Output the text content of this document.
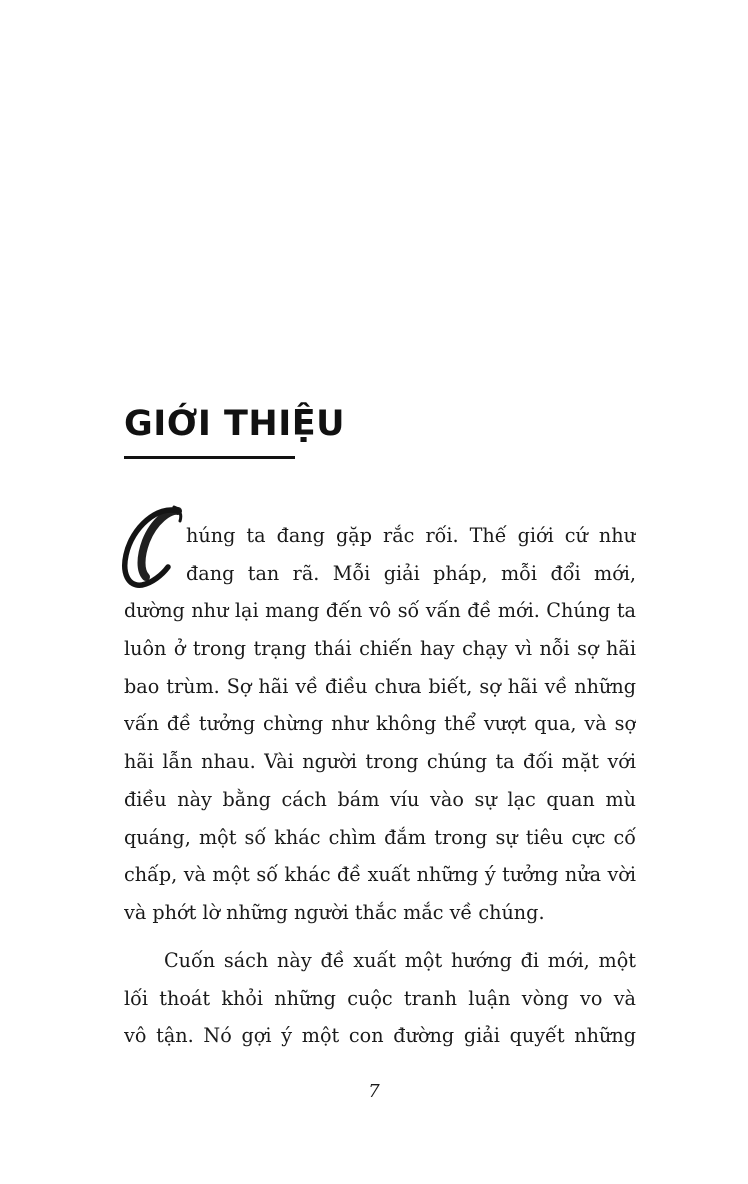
GIỚI THIỆU
húng ta đang gặp rắc rối. Thế giới cứ như
đang tan rã. Mỗi giải pháp, mỗi đổi mới,
dường như lại mang đến vô số vấn đề mới. Chúng ta
luôn ở trong trạng thái chiến hay chạy vì nỗi sợ hãi
bao trùm. Sợ hãi về điều chưa biết, sợ hãi về những
vấn đề tưởng chừng như không thể vượt qua, và sợ
hãi lẫn nhau. Vài người trong chúng ta đối mặt với
điều này bằng cách bám víu vào sự lạc quan mù
quáng, một số khác chìm đắm trong sự tiêu cực cố
chấp, và một số khác đề xuất những ý tưởng nửa vời
và phớt lờ những người thắc mắc về chúng.
Cuốn sách này đề xuất một hướng đi mới, một
lối thoát khỏi những cuộc tranh luận vòng vo và
vô tận. Nó gợi ý một con đường giải quyết những
7
